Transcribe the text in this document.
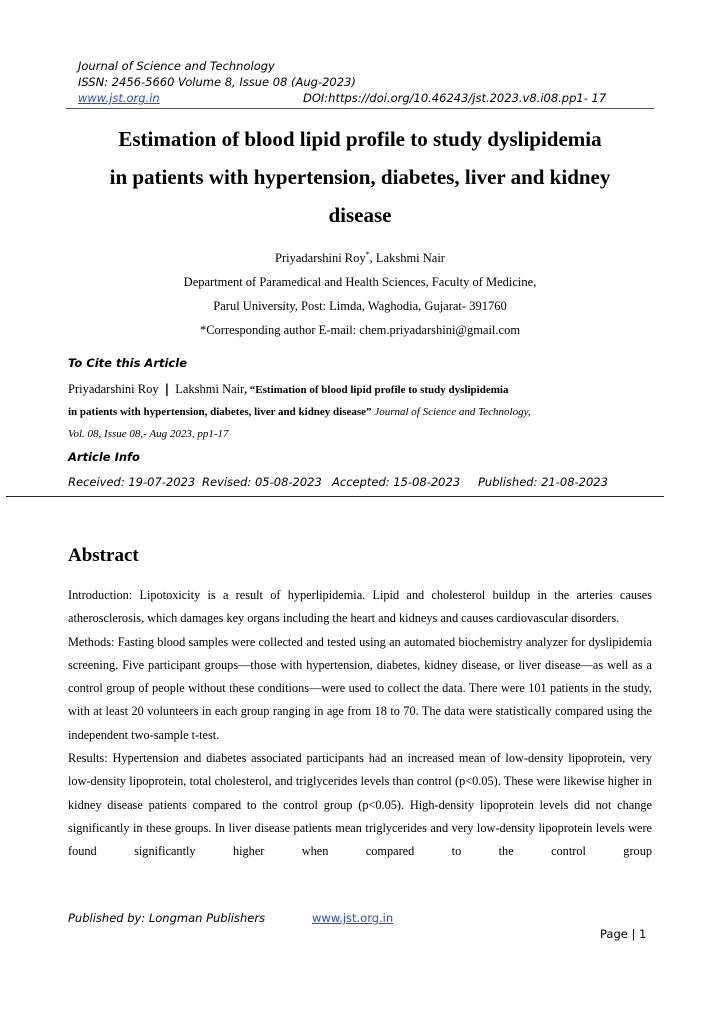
Journal of Science and Technology
ISSN: 2456-5660 Volume 8, Issue 08 (Aug-2023)
www.jst.org.in	DOI:https://doi.org/10.46243/jst.2023.v8.i08.pp1- 17
Estimation of blood lipid profile to study dyslipidemia
in patients with hypertension, diabetes, liver and kidney
disease
Priyadarshini Roy*, Lakshmi Nair
Department of Paramedical and Health Sciences, Faculty of Medicine,
Parul University, Post: Limda, Waghodia, Gujarat- 391760
*Corresponding author E-mail: chem.priyadarshini@gmail.com
To Cite this Article
Priyadarshini Roy | Lakshmi Nair, “Estimation of blood lipid profile to study dyslipidemia
in patients with hypertension, diabetes, liver and kidney disease” Journal of Science and Technology,
Vol. 08, Issue 08,- Aug 2023, pp1-17
Article Info
Received: 19-07-2023 Revised: 05-08-2023 Accepted: 15-08-2023 Published: 21-08-2023
Abstract

Introduction: Lipotoxicity is a result of hyperlipidemia. Lipid and cholesterol buildup in the arteries causes atherosclerosis, which damages key organs including the heart and kidneys and causes cardiovascular disorders.

Methods: Fasting blood samples were collected and tested using an automated biochemistry analyzer for dyslipidemia screening. Five participant groups—those with hypertension, diabetes, kidney disease, or liver disease—as well as a control group of people without these conditions—were used to collect the data. There were 101 patients in the study, with at least 20 volunteers in each group ranging in age from 18 to 70. The data were statistically compared using the independent two-sample t-test.

Results: Hypertension and diabetes associated participants had an increased mean of low-density lipoprotein, very low-density lipoprotein, total cholesterol, and triglycerides levels than control (p<0.05). These were likewise higher in kidney disease patients compared to the control group (p<0.05). High-density lipoprotein levels did not change significantly in these groups. In liver disease patients mean triglycerides and very low-density lipoprotein levels were found significantly higher when compared to the control group

Published by: Longman Publishers	www.jst.org.in
Page | 1
